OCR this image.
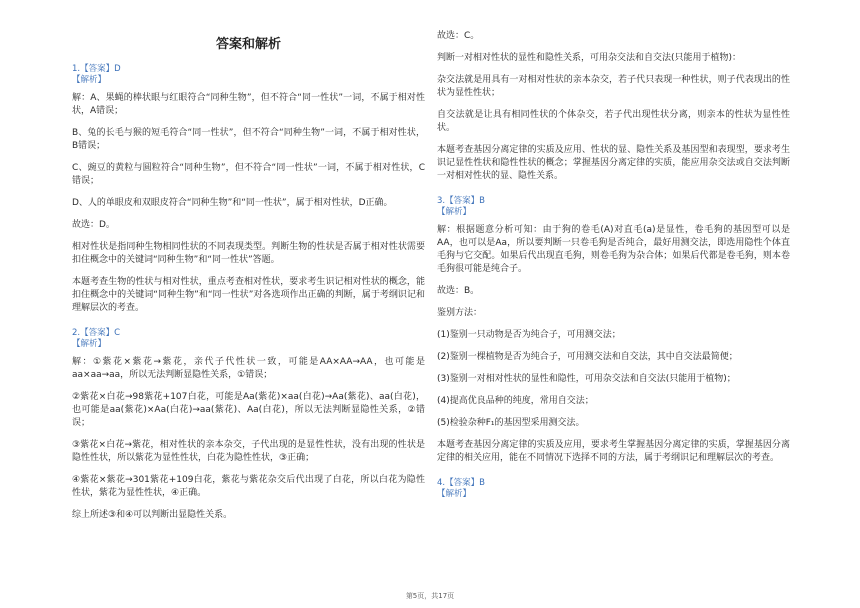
答案和解析
1.【答案】D
【解析】

解：A、果蝇的棒状眼与红眼符合“同种生物”，但不符合“同一性状”一词，不属于相对性状，A错误；

B、兔的长毛与猴的短毛符合“同一性状”，但不符合“同种生物”一词，不属于相对性状，B错误；

C、豌豆的黄粒与圆粒符合“同种生物”，但不符合“同一性状”一词，不属于相对性状，C错误；

D、人的单眼皮和双眼皮符合“同种生物”和“同一性状”，属于相对性状，D正确。

故选：D。

相对性状是指同种生物相同性状的不同表现类型。判断生物的性状是否属于相对性状需要扣住概念中的关键词“同种生物”和“同一性状”答题。

本题考查生物的性状与相对性状，重点考查相对性状，要求考生识记相对性状的概念，能扣住概念中的关键词“同种生物”和“同一性状”对各选项作出正确的判断，属于考纲识记和理解层次的考查。

2.【答案】C
【解析】

解：①紫花×紫花→紫花，亲代子代性状一致，可能是AA×AA→AA，也可能是aa×aa→aa，所以无法判断显隐性关系，①错误；

②紫花×白花→98紫花+107白花，可能是Aa(紫花)×aa(白花)→Aa(紫花)、aa(白花)，也可能是aa(紫花)×Aa(白花)→aa(紫花)、Aa(白花)，所以无法判断显隐性关系，②错误；

③紫花×白花→紫花，相对性状的亲本杂交，子代出现的是显性性状，没有出现的性状是隐性性状，所以紫花为显性性状，白花为隐性性状，③正确；

④紫花×紫花→301紫花+109白花，紫花与紫花杂交后代出现了白花，所以白花为隐性性状，紫花为显性性状，④正确。

综上所述③和④可以判断出显隐性关系。

故选：C。

判断一对相对性状的显性和隐性关系，可用杂交法和自交法(只能用于植物)：

杂交法就是用具有一对相对性状的亲本杂交，若子代只表现一种性状，则子代表现出的性状为显性性状；

自交法就是让具有相同性状的个体杂交，若子代出现性状分离，则亲本的性状为显性性状。

本题考查基因分离定律的实质及应用、性状的显、隐性关系及基因型和表现型，要求考生识记显性性状和隐性性状的概念；掌握基因分离定律的实质，能应用杂交法或自交法判断一对相对性状的显、隐性关系。

3.【答案】B
【解析】

解：根据题意分析可知：由于狗的卷毛(A)对直毛(a)是显性，卷毛狗的基因型可以是AA，也可以是Aa，所以要判断一只卷毛狗是否纯合，最好用测交法，即选用隐性个体直毛狗与它交配。如果后代出现直毛狗，则卷毛狗为杂合体；如果后代都是卷毛狗，则本卷毛狗很可能是纯合子。

故选：B。

鉴别方法：

(1)鉴别一只动物是否为纯合子，可用测交法；

(2)鉴别一棵植物是否为纯合子，可用测交法和自交法，其中自交法最简便；

(3)鉴别一对相对性状的显性和隐性，可用杂交法和自交法(只能用于植物)；

(4)提高优良品种的纯度，常用自交法；

(5)检验杂种F₁的基因型采用测交法。

本题考查基因分离定律的实质及应用，要求考生掌握基因分离定律的实质，掌握基因分离定律的相关应用，能在不同情况下选择不同的方法，属于考纲识记和理解层次的考查。

4.【答案】B
【解析】
第5页，共17页
